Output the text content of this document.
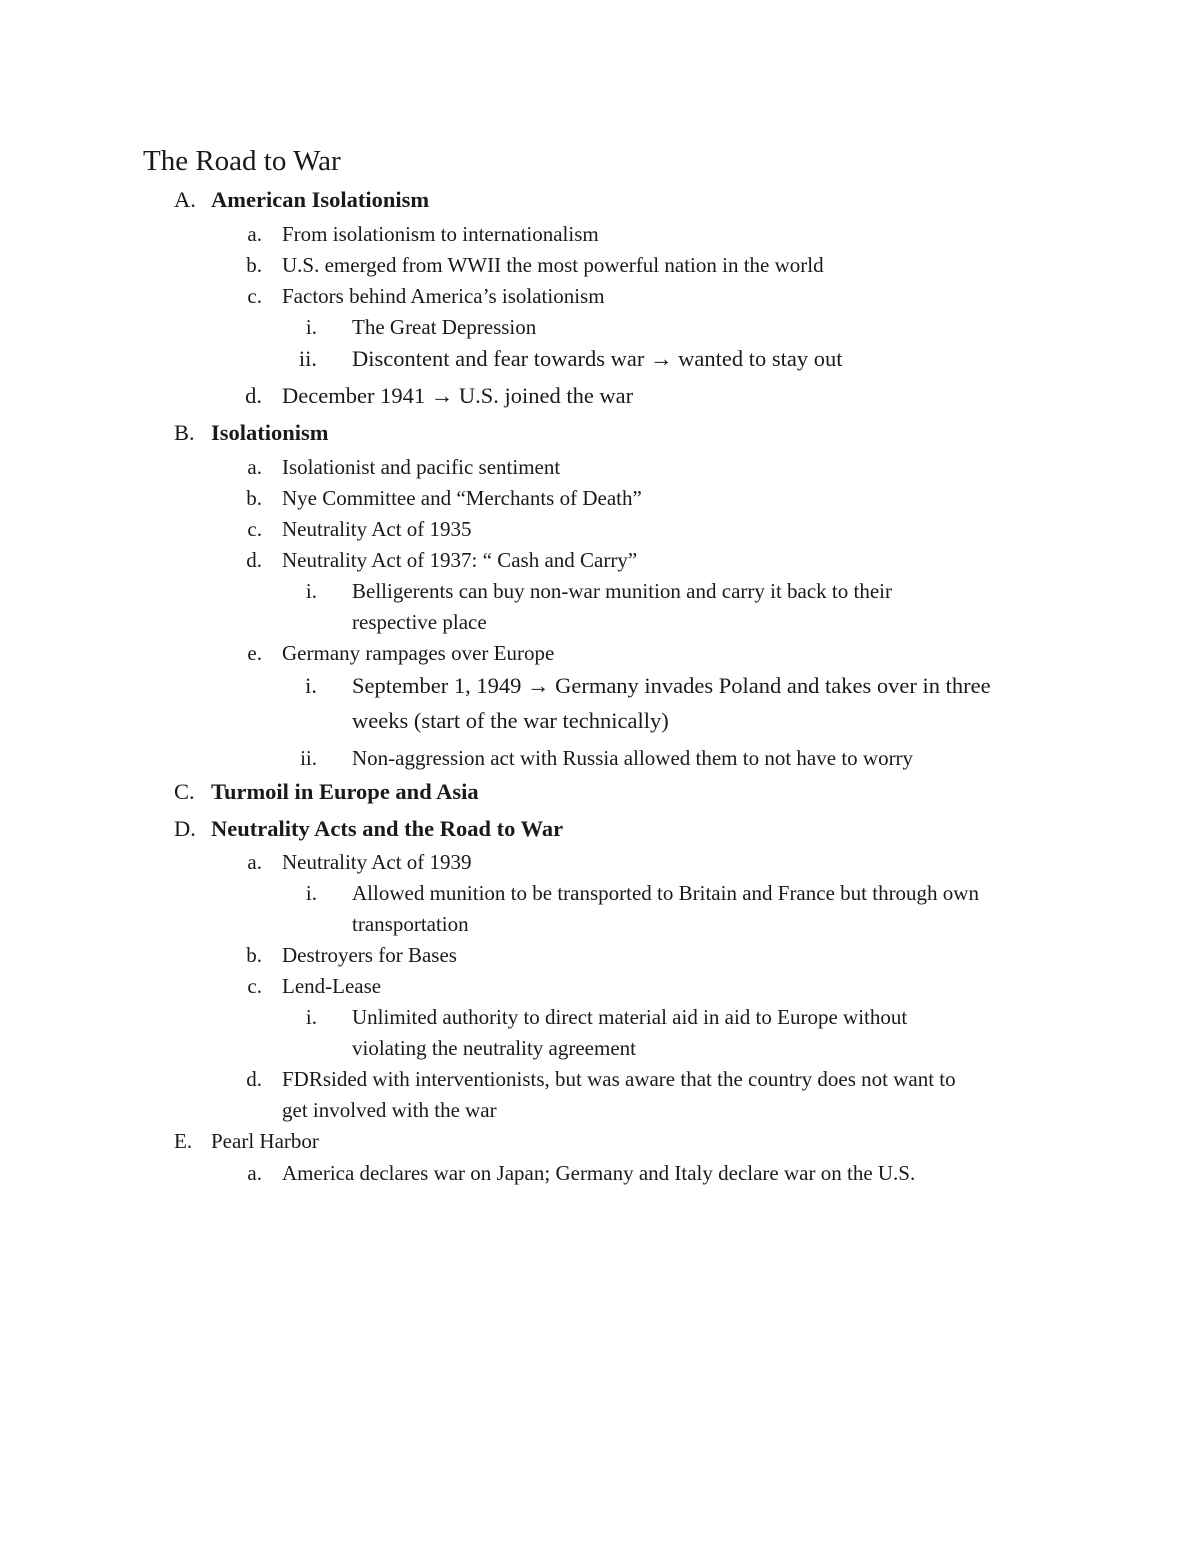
The Road to War
A. American Isolationism
a. From isolationism to internationalism
b. U.S. emerged from WWII the most powerful nation in the world
c. Factors behind America’s isolationism
i. The Great Depression
ii. Discontent and fear towards war → wanted to stay out
d. December 1941 → U.S. joined the war
B. Isolationism
a. Isolationist and pacific sentiment
b. Nye Committee and “Merchants of Death”
c. Neutrality Act of 1935
d. Neutrality Act of 1937: “ Cash and Carry”
i. Belligerents can buy non-war munition and carry it back to their
respective place
e. Germany rampages over Europe
i. September 1, 1949 → Germany invades Poland and takes over in three
weeks (start of the war technically)
ii. Non-aggression act with Russia allowed them to not have to worry
C. Turmoil in Europe and Asia
D. Neutrality Acts and the Road to War
a. Neutrality Act of 1939
i. Allowed munition to be transported to Britain and France but through own
transportation
b. Destroyers for Bases
c. Lend-Lease
i. Unlimited authority to direct material aid in aid to Europe without
violating the neutrality agreement
d. FDRsided with interventionists, but was aware that the country does not want to
get involved with the war
E. Pearl Harbor
a. America declares war on Japan; Germany and Italy declare war on the U.S.
